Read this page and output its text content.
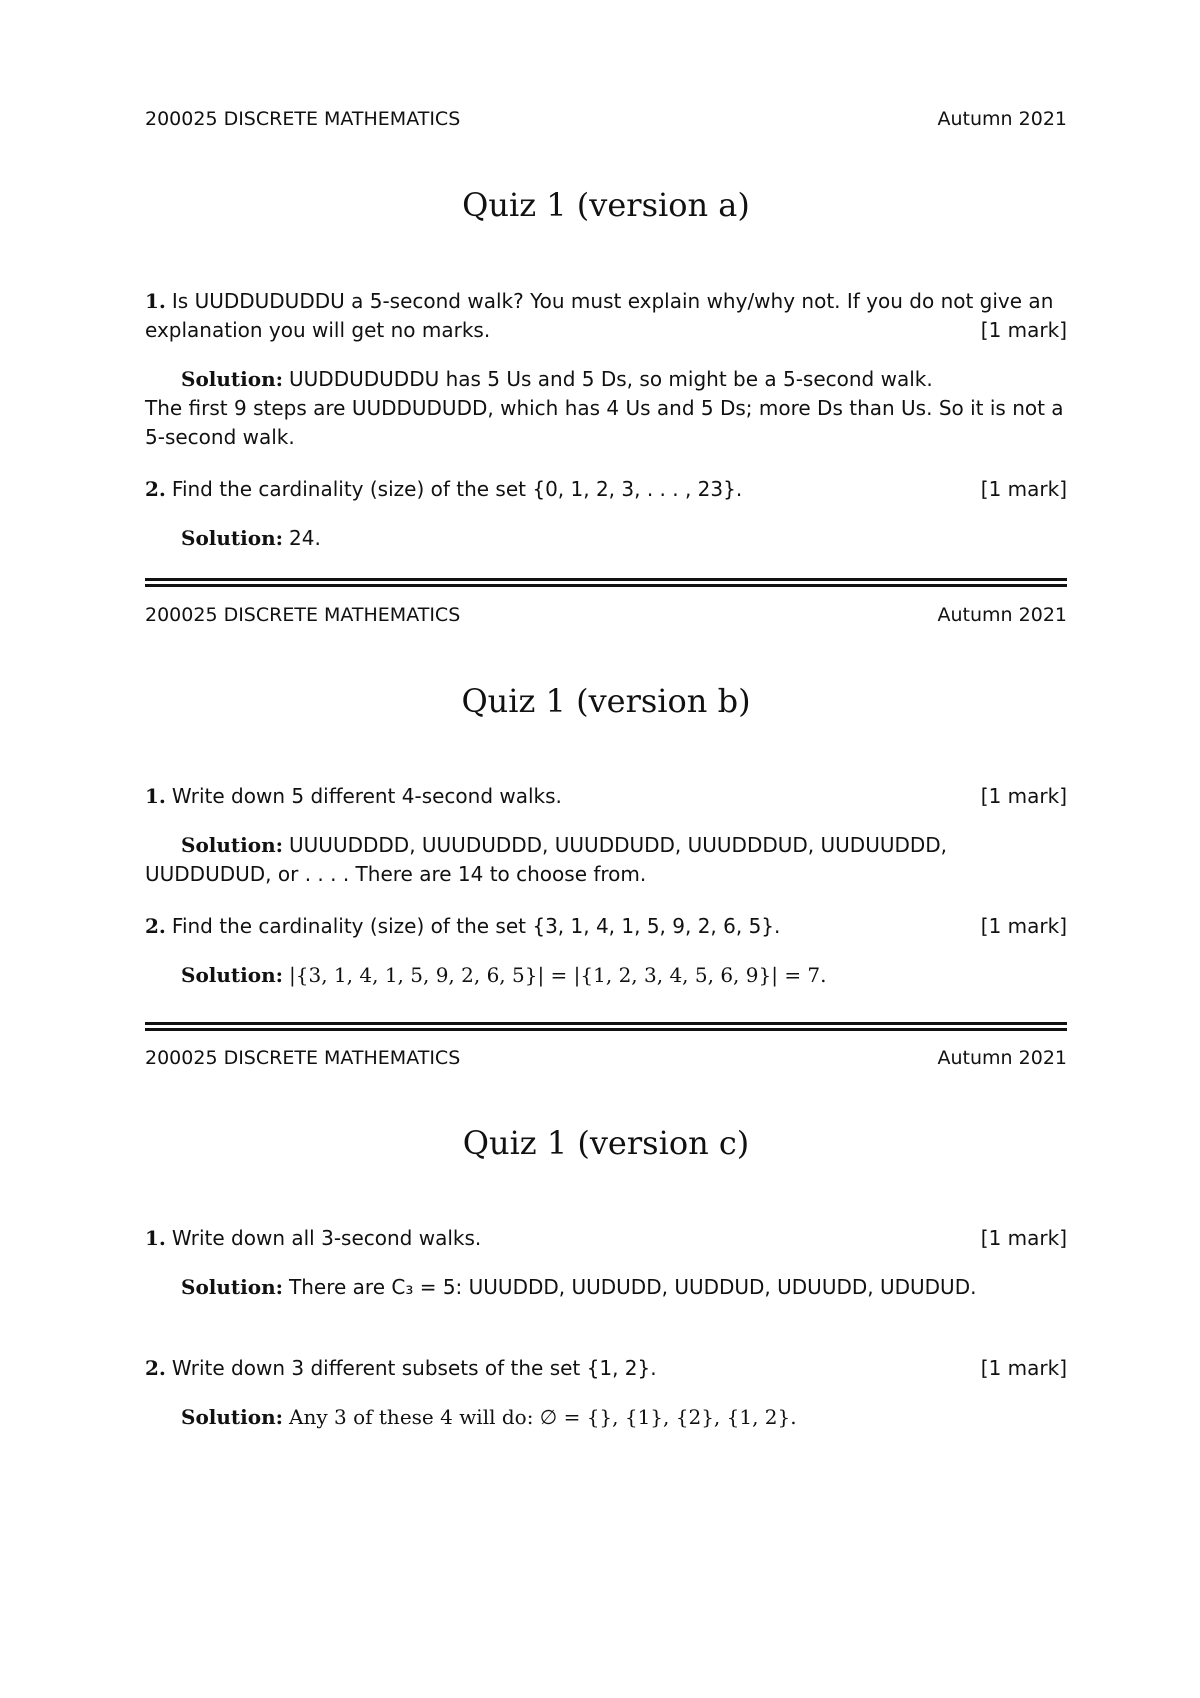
200025 DISCRETE MATHEMATICS	Autumn 2021
Quiz 1 (version a)
1. Is UUDDUDUDDU a 5-second walk? You must explain why/why not. If you do not give an explanation you will get no marks.	[1 mark]
Solution: UUDDUDUDDU has 5 Us and 5 Ds, so might be a 5-second walk.
The first 9 steps are UUDDUDUDD, which has 4 Us and 5 Ds; more Ds than Us. So it is not a 5-second walk.
2. Find the cardinality (size) of the set {0, 1, 2, 3, . . . , 23}.	[1 mark]
Solution: 24.
200025 DISCRETE MATHEMATICS	Autumn 2021
Quiz 1 (version b)
1. Write down 5 different 4-second walks.	[1 mark]
Solution: UUUUDDDD, UUUDUDDD, UUUDDUDD, UUUDDDUD, UUDUUDDD, UUDDUDUD, or . . . . There are 14 to choose from.
2. Find the cardinality (size) of the set {3, 1, 4, 1, 5, 9, 2, 6, 5}.	[1 mark]
Solution: |{3, 1, 4, 1, 5, 9, 2, 6, 5}| = |{1, 2, 3, 4, 5, 6, 9}| = 7.
200025 DISCRETE MATHEMATICS	Autumn 2021
Quiz 1 (version c)
1. Write down all 3-second walks.	[1 mark]
Solution: There are C₃ = 5: UUUDDD, UUDUDD, UUDDUD, UDUUDD, UDUDUD.
2. Write down 3 different subsets of the set {1, 2}.	[1 mark]
Solution: Any 3 of these 4 will do: ∅ = {}, {1}, {2}, {1, 2}.
